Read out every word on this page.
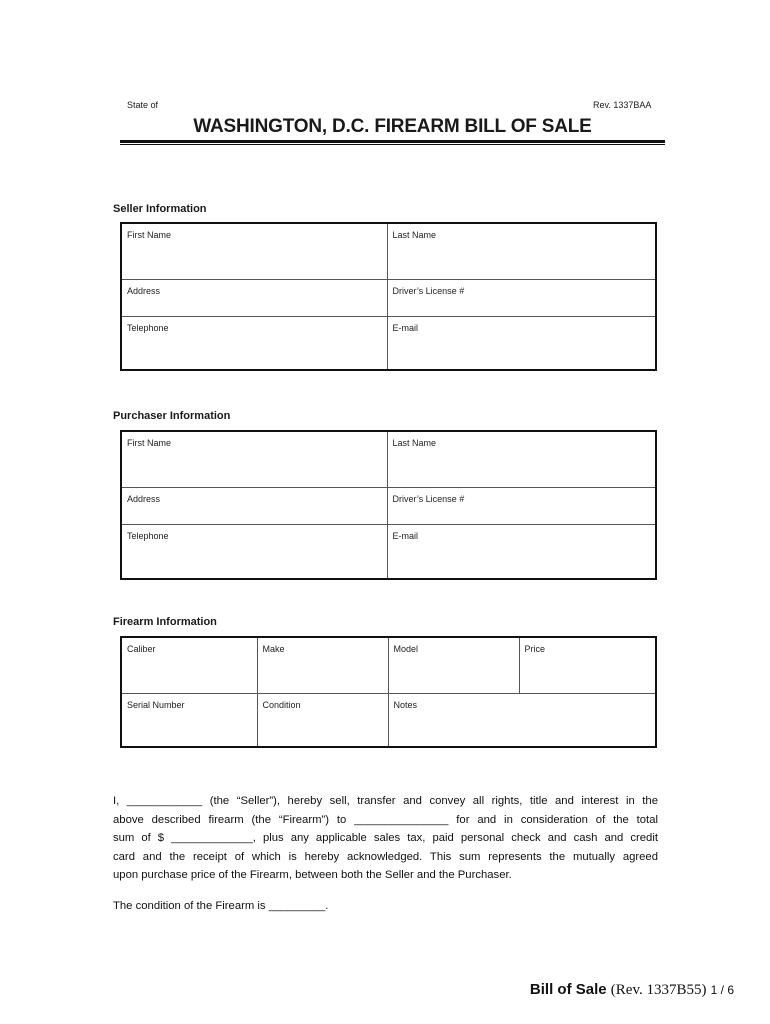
State of	Rev. 1337BAA
WASHINGTON, D.C. FIREARM BILL OF SALE
Seller Information
First Name	Last Name
Address	Driver’s License #
Telephone	E-mail
Purchaser Information
First Name	Last Name
Address	Driver’s License #
Telephone	E-mail
Firearm Information
Caliber	Make	Model	Price
Serial Number	Condition	Notes	
I, ____________ (the “Seller”), hereby sell, transfer and convey all rights, title and interest in the
above described firearm (the “Firearm”) to _______________ for and in consideration of the total
sum of $ _____________, plus any applicable sales tax, paid personal check and cash and credit
card and the receipt of which is hereby acknowledged. This sum represents the mutually agreed
upon purchase price of the Firearm, between both the Seller and the Purchaser.
The condition of the Firearm is _________.
Bill of Sale (Rev. 1337B55) 1 / 6
